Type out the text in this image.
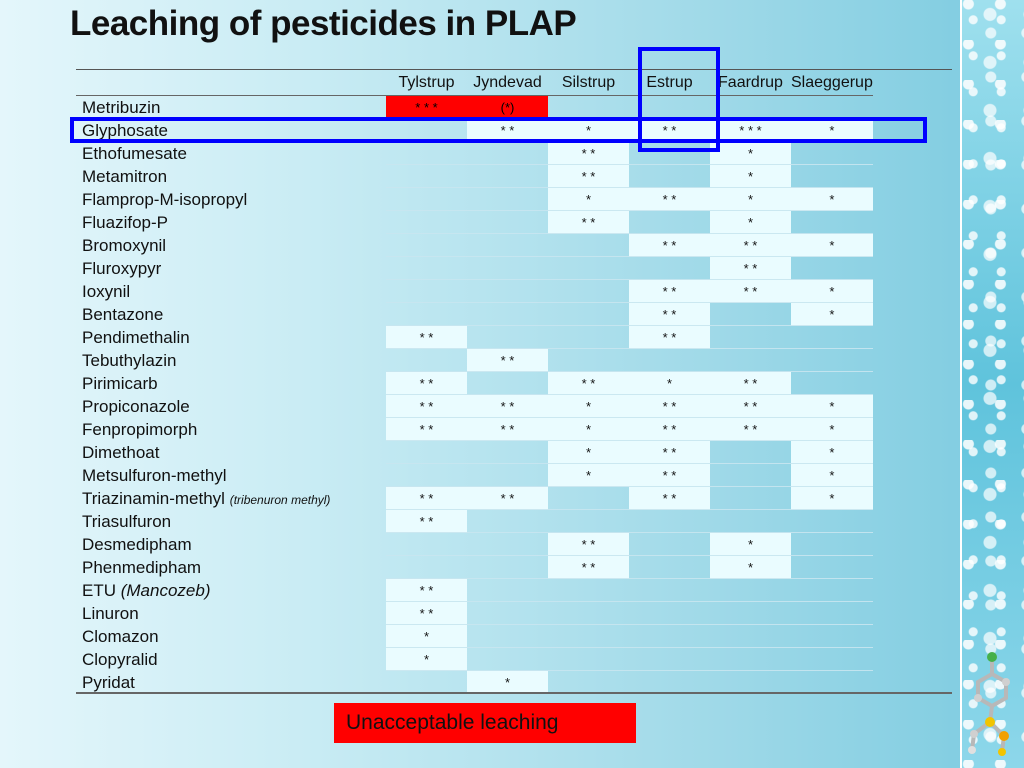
Leaching of pesticides in PLAP
	Tylstrup	Jyndevad	Silstrup	Estrup	Faardrup	Slaeggerup
Metribuzin	* * *	(*)				
Glyphosate		* *	*	* *	* * *	*
Ethofumesate			* *		*	
Metamitron			* *		*	
Flamprop-M-isopropyl			*	* *	*	*
Fluazifop-P			* *		*	
Bromoxynil				* *	* *	*
Fluroxypyr					* *	
Ioxynil				* *	* *	*
Bentazone				* *		*
Pendimethalin	* *			* *		
Tebuthylazin		* *				
Pirimicarb	* *		* *	*	* *	
Propiconazole	* *	* *	*	* *	* *	*
Fenpropimorph	* *	* *	*	* *	* *	*
Dimethoat			*	* *		*
Metsulfuron-methyl			*	* *		*
Triazinamin-methyl (tribenuron methyl)	* *	* *		* *		*
Triasulfuron	* *					
Desmedipham			* *		*	
Phenmedipham			* *		*	
ETU (Mancozeb)	* *					
Linuron	* *					
Clomazon	*					
Clopyralid	*					
Pyridat		*				
Unacceptable leaching
